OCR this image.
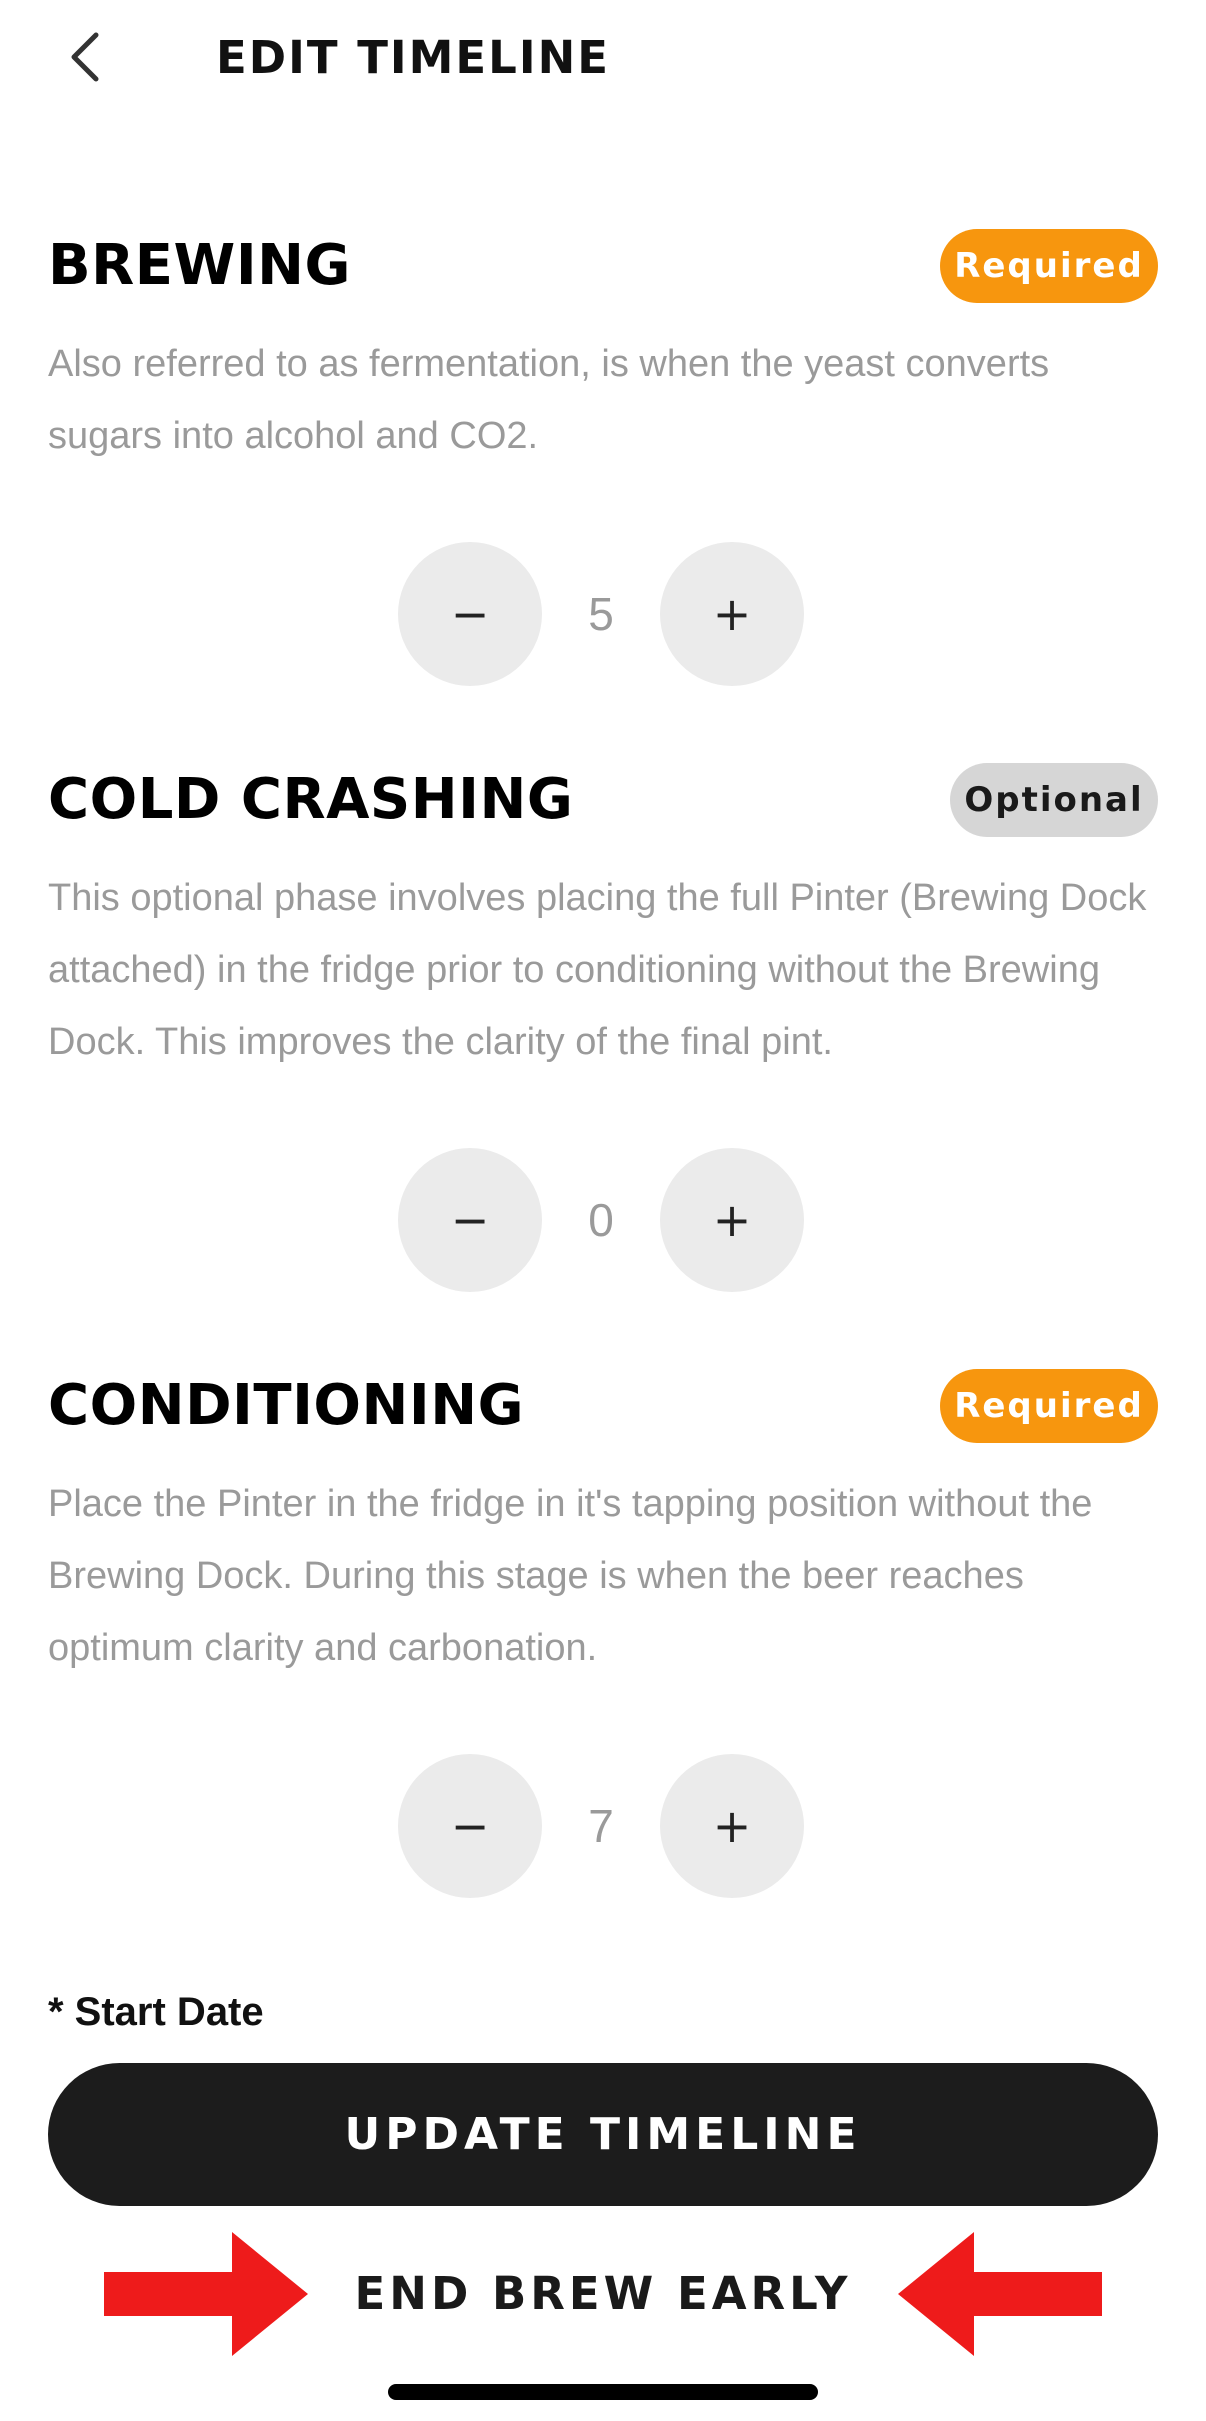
EDIT TIMELINE
BREWING	Required

Also referred to as fermentation, is when the yeast converts sugars into alcohol and CO2.

−	5	+
COLD CRASHING	Optional

This optional phase involves placing the full Pinter (Brewing Dock attached) in the fridge prior to conditioning without the Brewing Dock. This improves the clarity of the final pint.

−	0	+
CONDITIONING	Required

Place the Pinter in the fridge in it's tapping position without the Brewing Dock. During this stage is when the beer reaches optimum clarity and carbonation.

−	7	+

* Start Date

UPDATE TIMELINE
END BREW EARLY
